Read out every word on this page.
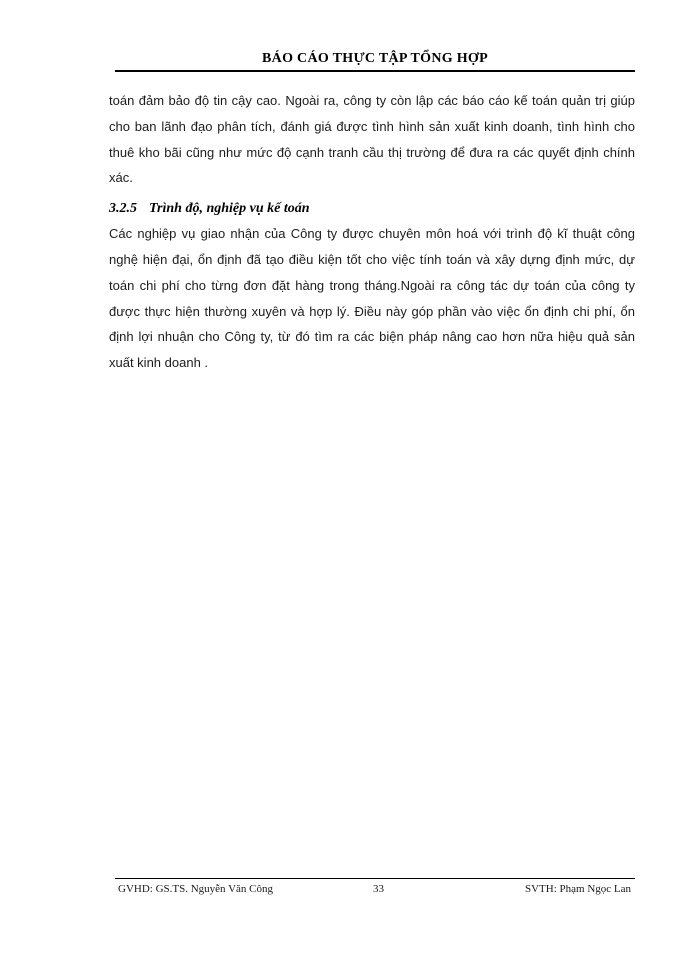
BÁO CÁO THỰC TẬP TỔNG HỢP

toán đảm bảo độ tin cậy cao. Ngoài ra, công ty còn lập các báo cáo kế toán quản trị giúp cho ban lãnh đạo phân tích, đánh giá được tình hình sản xuất kinh doanh, tình hình cho thuê kho bãi cũng như mức độ cạnh tranh cầu thị trường để đưa ra các quyết định chính xác.

3.2.5 Trình độ, nghiệp vụ kế toán

Các nghiệp vụ giao nhận của Công ty được chuyên môn hoá với trình độ kĩ thuật công nghệ hiện đại, ổn định đã tạo điều kiện tốt cho việc tính toán và xây dựng định mức, dự toán chi phí cho từng đơn đặt hàng trong tháng.Ngoài ra công tác dự toán của công ty được thực hiện thường xuyên và hợp lý. Điều này góp phần vào việc ổn định chi phí, ổn định lợi nhuận cho Công ty, từ đó tìm ra các biện pháp nâng cao hơn nữa hiệu quả sản xuất kinh doanh .

GVHD: GS.TS. Nguyễn Văn Công	33	SVTH: Phạm Ngọc Lan
